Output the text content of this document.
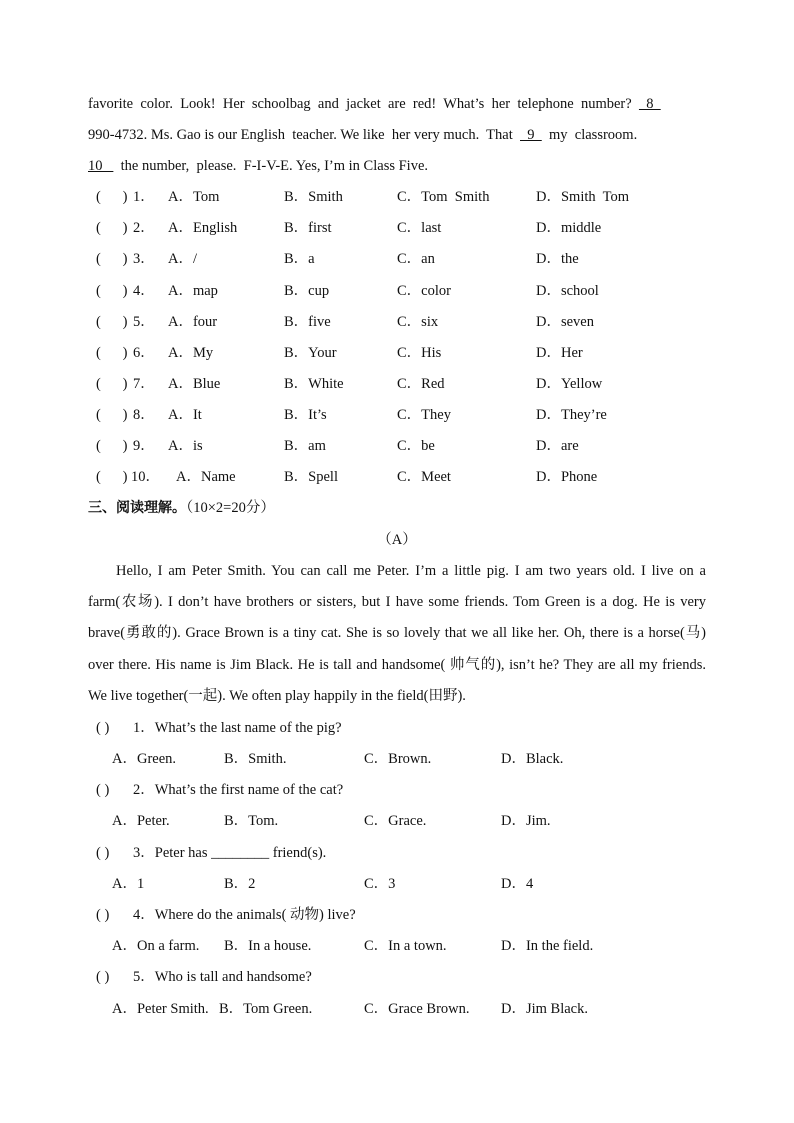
favorite  color.  Look!  Her  schoolbag  and  jacket  are  red!  What’s  her  telephone  number?    8
990-4732. Ms. Gao is our English  teacher. We like  her very much.  That    9    my  classroom.
10     the number,  please.  F-I-V-E. Yes, I’m in Class Five.
(      ) 1． A．Tom	B．Smith	C．Tom  Smith	D．Smith  Tom
(      ) 2． A．English	B．first	C．last	D．middle
(      ) 3． A．/	B．a	C．an	D．the
(      ) 4． A．map	B．cup	C．color	D．school
(      ) 5． A．four	B．five	C．six	D．seven
(      ) 6． A．My	B．Your	C．His	D．Her
(      ) 7． A．Blue	B．White	C．Red	D．Yellow
(      ) 8． A．It	B．It’s	C．They	D．They’re
(      ) 9． A．is	B．am	C．be	D．are
(      ) 10． A．Name	B．Spell	C．Meet	D．Phone
三、阅读理解。（10×2=20分）
（A）

Hello, I am Peter Smith. You can call me Peter. I’m a little pig. I am two years old. I live on a farm(农场). I don’t have brothers or sisters, but I have some friends. Tom Green is a dog. He is very brave(勇敢的). Grace Brown is a tiny cat. She is so lovely that we all like her. Oh, there is a horse(马) over there. His name is Jim Black. He is tall and handsome( 帅气的), isn’t he? They are all my friends. We live together(一起). We often play happily in the field(田野).

( ) 1．What’s the last name of the pig?
A．Green.	B．Smith.	C．Brown.	D．Black.
( ) 2．What’s the first name of the cat?
A．Peter.	B．Tom.	C．Grace.	D．Jim.
( ) 3．Peter has ________ friend(s).
A．1	B．2	C．3	D．4
( ) 4．Where do the animals( 动物) live?
A．On a farm. B．In a house.	C．In a town.	D．In the field.
( ) 5．Who is tall and handsome?
A．Peter Smith. B．Tom Green.	C．Grace Brown. D．Jim Black.
